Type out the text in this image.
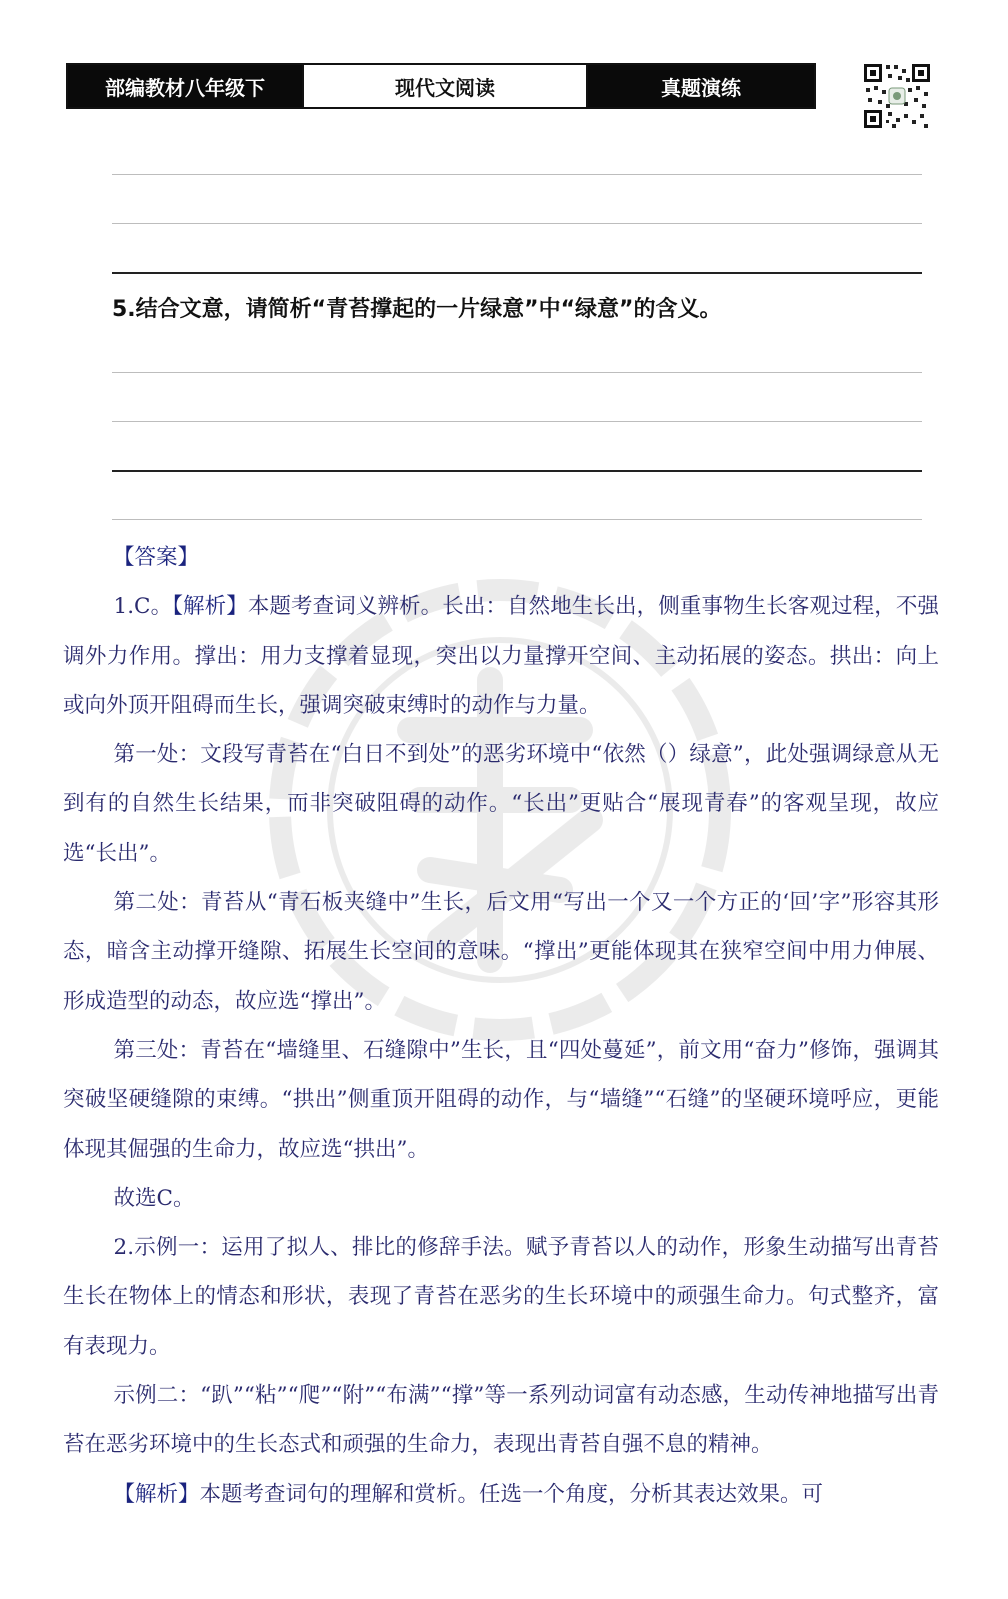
部编教材八年级下	现代文阅读	真题演练
5.结合文意，请简析“青苔撑起的一片绿意”中“绿意”的含义。

【答案】

1.C。【解析】本题考查词义辨析。长出：自然地生长出，侧重事物生长客观过程，不强调外力作用。撑出：用力支撑着显现，突出以力量撑开空间、主动拓展的姿态。拱出：向上或向外顶开阻碍而生长，强调突破束缚时的动作与力量。

第一处：文段写青苔在“白日不到处”的恶劣环境中“依然（）绿意”，此处强调绿意从无到有的自然生长结果，而非突破阻碍的动作。“长出”更贴合“展现青春”的客观呈现，故应选“长出”。

第二处：青苔从“青石板夹缝中”生长，后文用“写出一个又一个方正的‘回’字”形容其形态，暗含主动撑开缝隙、拓展生长空间的意味。“撑出”更能体现其在狭窄空间中用力伸展、形成造型的动态，故应选“撑出”。

第三处：青苔在“墙缝里、石缝隙中”生长，且“四处蔓延”，前文用“奋力”修饰，强调其突破坚硬缝隙的束缚。“拱出”侧重顶开阻碍的动作，与“墙缝”“石缝”的坚硬环境呼应，更能体现其倔强的生命力，故应选“拱出”。

故选C。

2.示例一：运用了拟人、排比的修辞手法。赋予青苔以人的动作，形象生动描写出青苔生长在物体上的情态和形状，表现了青苔在恶劣的生长环境中的顽强生命力。句式整齐，富有表现力。

示例二：“趴”“粘”“爬”“附”“布满”“撑”等一系列动词富有动态感，生动传神地描写出青苔在恶劣环境中的生长态式和顽强的生命力，表现出青苔自强不息的精神。

【解析】本题考查词句的理解和赏析。任选一个角度，分析其表达效果。可
